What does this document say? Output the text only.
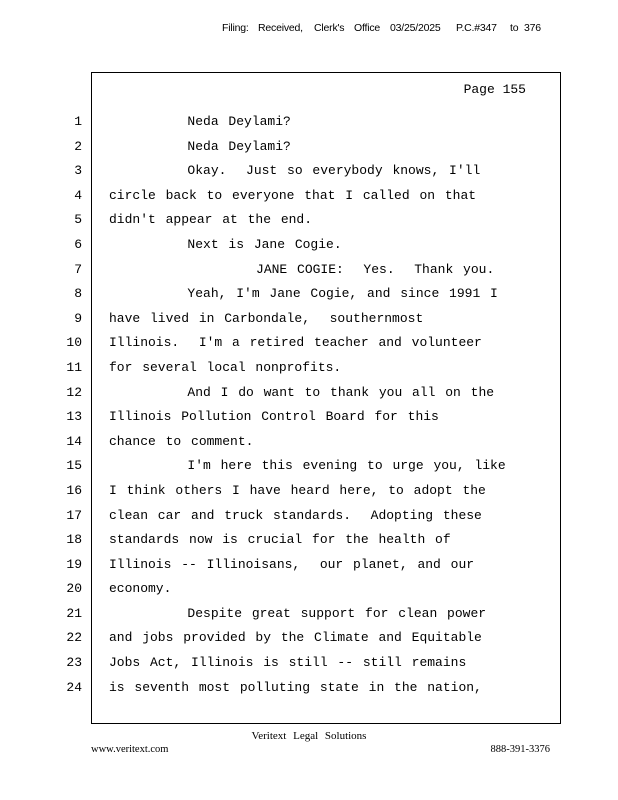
Filing: Received, Clerk's Office 03/25/2025 P.C.#347 to 376
Page 155
1 Neda Deylami?
2 Neda Deylami?
3 Okay.  Just so everybody knows, I'll
4 circle back to everyone that I called on that
5 didn't appear at the end.
6 Next is Jane Cogie.
7 JANE COGIE:  Yes.  Thank you.
8 Yeah, I'm Jane Cogie, and since 1991 I
9 have lived in Carbondale,  southernmost
10 Illinois.  I'm a retired teacher and volunteer
11 for several local nonprofits.
12 And I do want to thank you all on the
13 Illinois Pollution Control Board for this
14 chance to comment.
15 I'm here this evening to urge you, like
16 I think others I have heard here, to adopt the
17 clean car and truck standards.  Adopting these
18 standards now is crucial for the health of
19 Illinois -- Illinoisans,  our planet, and our
20 economy.
21 Despite great support for clean power
22 and jobs provided by the Climate and Equitable
23 Jobs Act, Illinois is still -- still remains
24 is seventh most polluting state in the nation,
Veritext Legal Solutions
www.veritext.com	888-391-3376
